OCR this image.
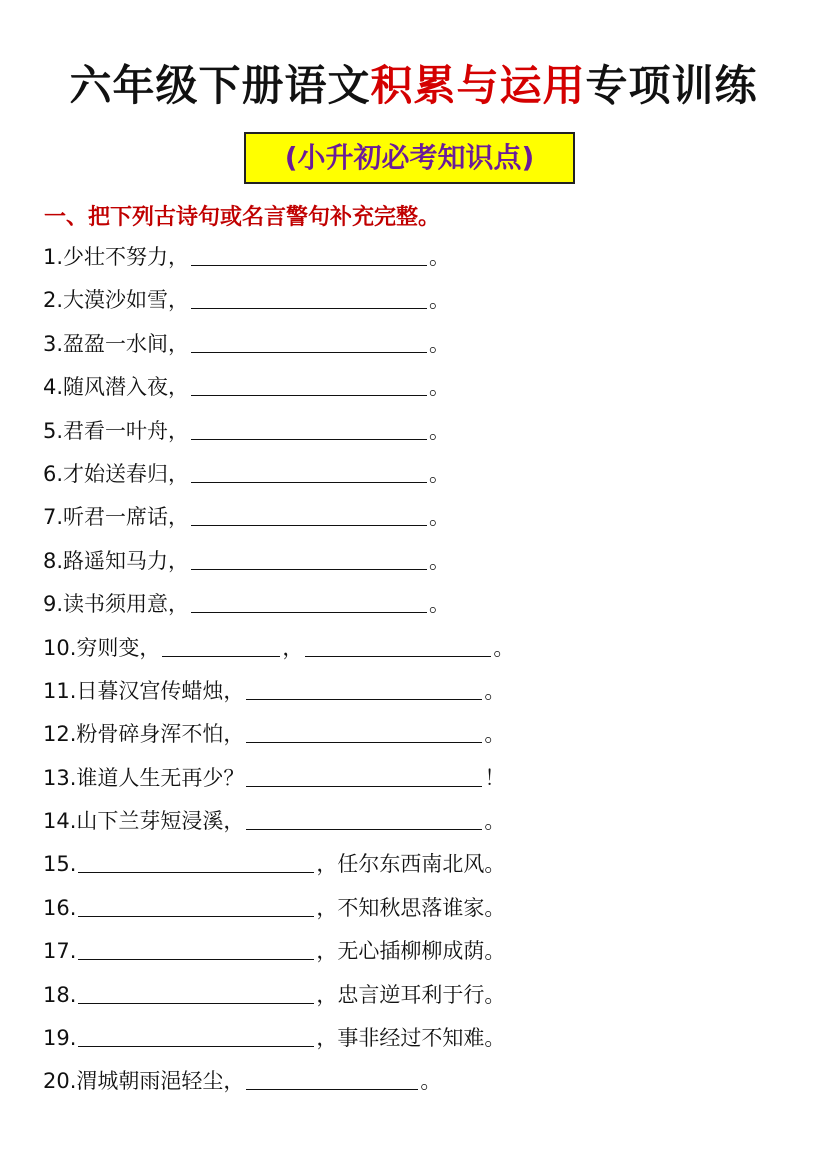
六年级下册语文积累与运用专项训练
(小升初必考知识点)
一、把下列古诗句或名言警句补充完整。
1.少壮不努力，	。
2.大漠沙如雪，	。
3.盈盈一水间，	。
4.随风潜入夜，	。
5.君看一叶舟，	。
6.才始送春归，	。
7.听君一席话，	。
8.路遥知马力，	。
9.读书须用意，	。
10.穷则变，	，	。
11.日暮汉宫传蜡烛，	。
12.粉骨碎身浑不怕，	。
13.谁道人生无再少？	！
14.山下兰芽短浸溪，	。
15.	，任尔东西南北风。
16.	，不知秋思落谁家。
17.	，无心插柳柳成荫。
18.	，忠言逆耳利于行。
19.	，事非经过不知难。
20.渭城朝雨浥轻尘，	。
